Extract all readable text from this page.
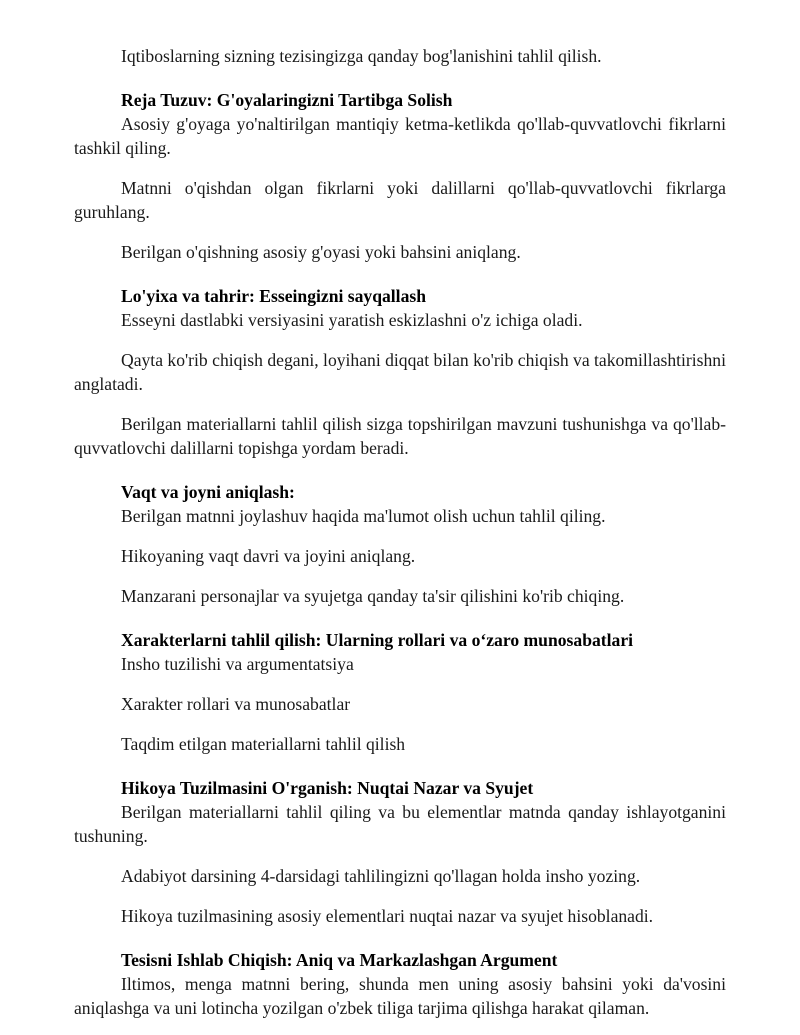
Iqtiboslarning sizning tezisingizga qanday bog'lanishini tahlil qilish.

Reja Tuzuv: G'oyalaringizni Tartibga Solish

Asosiy g'oyaga yo'naltirilgan mantiqiy ketma-ketlikda qo'llab-quvvatlovchi fikrlarni tashkil qiling.

Matnni o'qishdan olgan fikrlarni yoki dalillarni qo'llab-quvvatlovchi fikrlarga guruhlang.

Berilgan o'qishning asosiy g'oyasi yoki bahsini aniqlang.

Lo'yixa va tahrir: Esseingizni sayqallash

Esseyni dastlabki versiyasini yaratish eskizlashni o'z ichiga oladi.

Qayta ko'rib chiqish degani, loyihani diqqat bilan ko'rib chiqish va takomillashtirishni anglatadi.

Berilgan materiallarni tahlil qilish sizga topshirilgan mavzuni tushunishga va qo'llab-quvvatlovchi dalillarni topishga yordam beradi.

Vaqt va joyni aniqlash:

Berilgan matnni joylashuv haqida ma'lumot olish uchun tahlil qiling.

Hikoyaning vaqt davri va joyini aniqlang.

Manzarani personajlar va syujetga qanday ta'sir qilishini ko'rib chiqing.

Xarakterlarni tahlil qilish: Ularning rollari va o‘zaro munosabatlari

Insho tuzilishi va argumentatsiya

Xarakter rollari va munosabatlar

Taqdim etilgan materiallarni tahlil qilish

Hikoya Tuzilmasini O'rganish: Nuqtai Nazar va Syujet

Berilgan materiallarni tahlil qiling va bu elementlar matnda qanday ishlayotganini tushuning.

Adabiyot darsining 4-darsidagi tahlilingizni qo'llagan holda insho yozing.

Hikoya tuzilmasining asosiy elementlari nuqtai nazar va syujet hisoblanadi.

Tesisni Ishlab Chiqish: Aniq va Markazlashgan Argument

Iltimos, menga matnni bering, shunda men uning asosiy bahsini yoki da'vosini aniqlashga va uni lotincha yozilgan o'zbek tiliga tarjima qilishga harakat qilaman.
